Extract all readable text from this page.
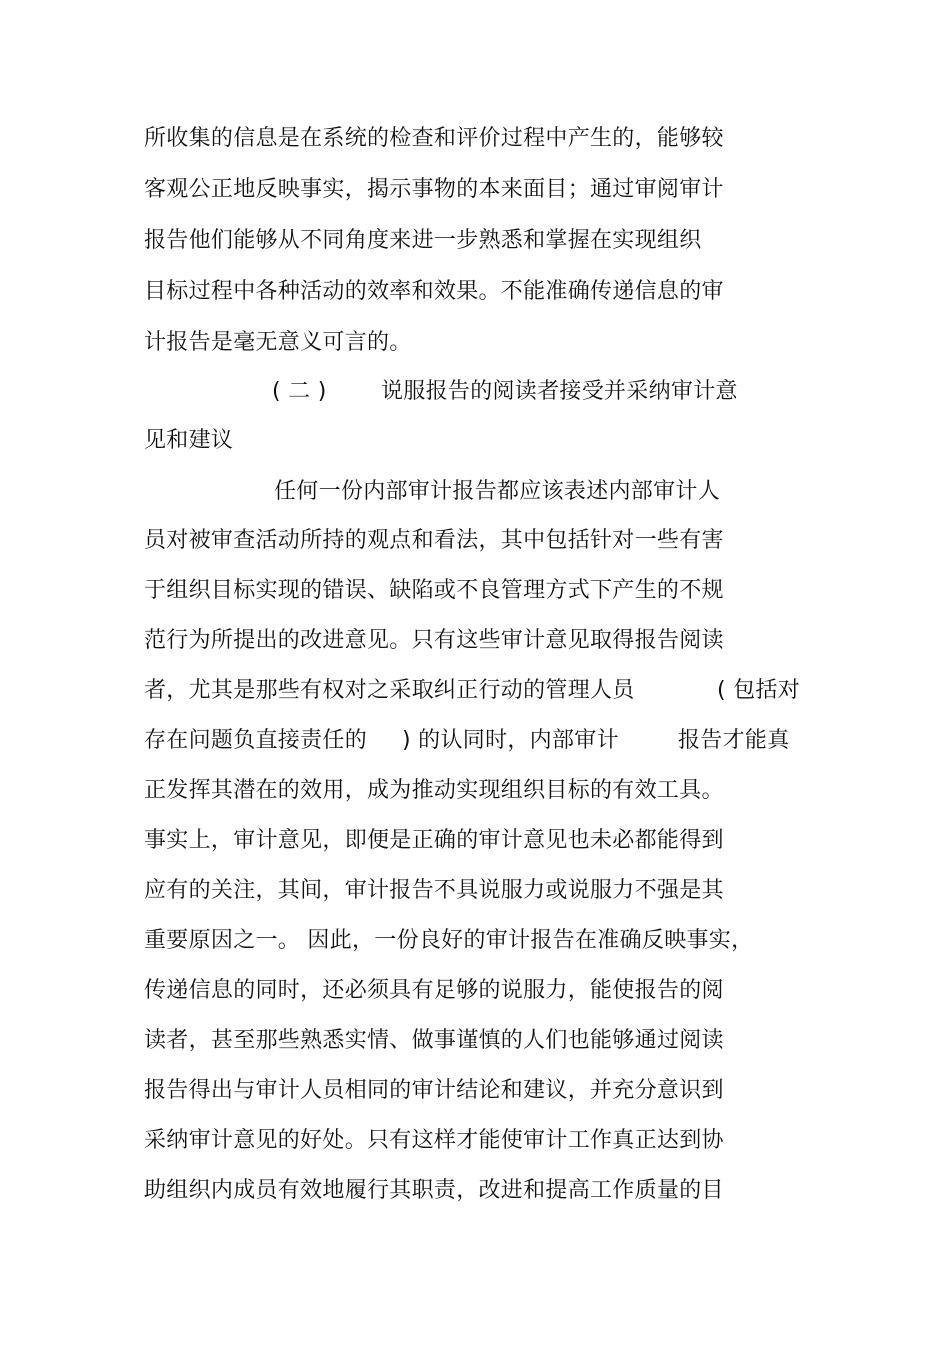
所收集的信息是在系统的检查和评价过程中产生的，能够较
客观公正地反映事实，揭示事物的本来面目；通过审阅审计
报告他们能够从不同角度来进一步熟悉和掌握在实现组织
目标过程中各种活动的效率和效果。不能准确传递信息的审
计报告是毫无意义可言的。
( 二 ) 说服报告的阅读者接受并采纳审计意
见和建议
任何一份内部审计报告都应该表述内部审计人
员对被审查活动所持的观点和看法，其中包括针对一些有害
于组织目标实现的错误、缺陷或不良管理方式下产生的不规
范行为所提出的改进意见。只有这些审计意见取得报告阅读
者，尤其是那些有权对之采取纠正行动的管理人员	( 包括对
存在问题负直接责任的 ) 的认同时，内部审计	报告才能真
正发挥其潜在的效用，成为推动实现组织目标的有效工具。
事实上，审计意见，即便是正确的审计意见也未必都能得到
应有的关注，其间，审计报告不具说服力或说服力不强是其
重要原因之一。 因此，一份良好的审计报告在准确反映事实，
传递信息的同时，还必须具有足够的说服力，能使报告的阅
读者，甚至那些熟悉实情、做事谨慎的人们也能够通过阅读
报告得出与审计人员相同的审计结论和建议，并充分意识到
采纳审计意见的好处。只有这样才能使审计工作真正达到协
助组织内成员有效地履行其职责，改进和提高工作质量的目
